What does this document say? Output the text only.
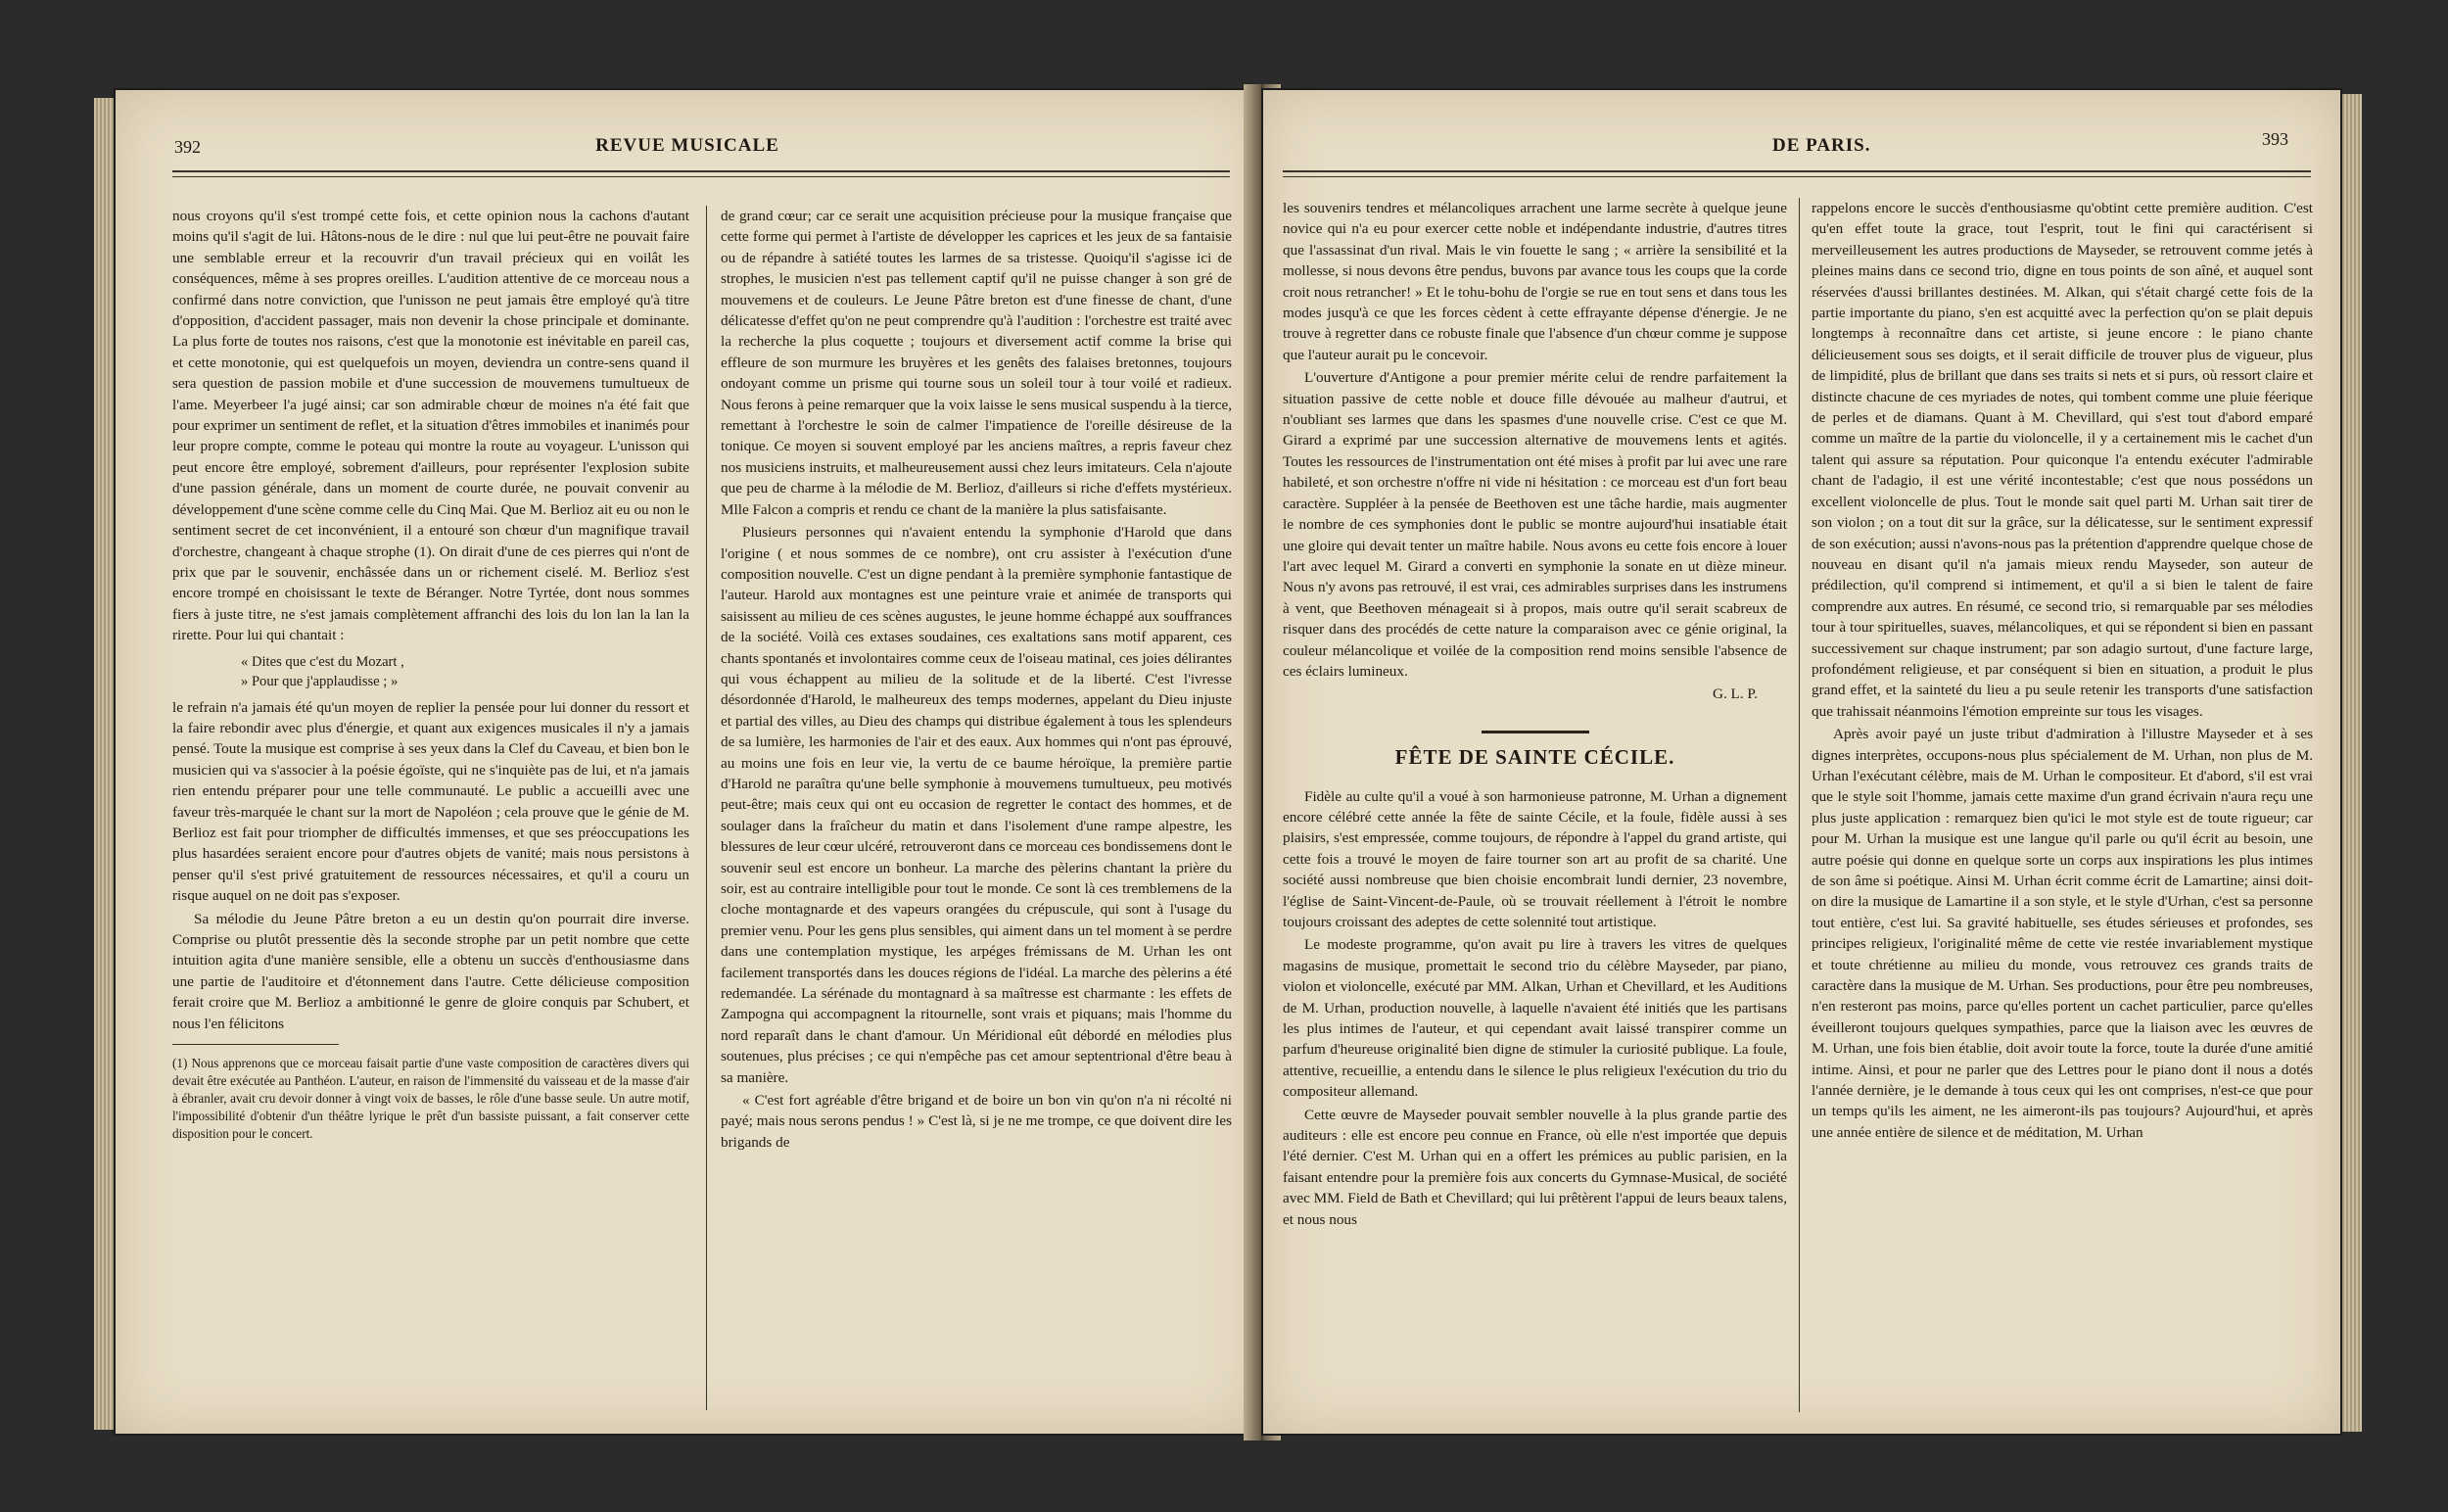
392	REVUE MUSICALE

nous croyons qu'il s'est trompé cette fois, et cette opinion nous la cachons d'autant moins qu'il s'agit de lui. Hâtons-nous de le dire : nul que lui peut-être ne pouvait faire une semblable erreur et la recouvrir d'un travail précieux qui en voilât les conséquences, même à ses propres oreilles. L'audition attentive de ce morceau nous a confirmé dans notre conviction, que l'unisson ne peut jamais être employé qu'à titre d'opposition, d'accident passager, mais non devenir la chose principale et dominante. La plus forte de toutes nos raisons, c'est que la monotonie est inévitable en pareil cas, et cette monotonie, qui est quelquefois un moyen, deviendra un contre-sens quand il sera question de passion mobile et d'une succession de mouvemens tumultueux de l'ame. Meyerbeer l'a jugé ainsi; car son admirable chœur de moines n'a été fait que pour exprimer un sentiment de reflet, et la situation d'êtres immobiles et inanimés pour leur propre compte, comme le poteau qui montre la route au voyageur. L'unisson qui peut encore être employé, sobrement d'ailleurs, pour représenter l'explosion subite d'une passion générale, dans un moment de courte durée, ne pouvait convenir au développement d'une scène comme celle du Cinq Mai. Que M. Berlioz ait eu ou non le sentiment secret de cet inconvénient, il a entouré son chœur d'un magnifique travail d'orchestre, changeant à chaque strophe (1). On dirait d'une de ces pierres qui n'ont de prix que par le souvenir, enchâssée dans un or richement ciselé. M. Berlioz s'est encore trompé en choisissant le texte de Béranger. Notre Tyrtée, dont nous sommes fiers à juste titre, ne s'est jamais complètement affranchi des lois du lon lan la lan la rirette. Pour lui qui chantait :

« Dites que c'est du Mozart ,
» Pour que j'applaudisse ; »

le refrain n'a jamais été qu'un moyen de replier la pensée pour lui donner du ressort et la faire rebondir avec plus d'énergie, et quant aux exigences musicales il n'y a jamais pensé. Toute la musique est comprise à ses yeux dans la Clef du Caveau, et bien bon le musicien qui va s'associer à la poésie égoïste, qui ne s'inquiète pas de lui, et n'a jamais rien entendu préparer pour une telle communauté. Le public a accueilli avec une faveur très-marquée le chant sur la mort de Napoléon ; cela prouve que le génie de M. Berlioz est fait pour triompher de difficultés immenses, et que ses préoccupations les plus hasardées seraient encore pour d'autres objets de vanité; mais nous persistons à penser qu'il s'est privé gratuitement de ressources nécessaires, et qu'il a couru un risque auquel on ne doit pas s'exposer.

Sa mélodie du Jeune Pâtre breton a eu un destin qu'on pourrait dire inverse. Comprise ou plutôt pressentie dès la seconde strophe par un petit nombre que cette intuition agita d'une manière sensible, elle a obtenu un succès d'enthousiasme dans une partie de l'auditoire et d'étonnement dans l'autre. Cette délicieuse composition ferait croire que M. Berlioz a ambitionné le genre de gloire conquis par Schubert, et nous l'en félicitons

(1) Nous apprenons que ce morceau faisait partie d'une vaste composition de caractères divers qui devait être exécutée au Panthéon. L'auteur, en raison de l'immensité du vaisseau et de la masse d'air à ébranler, avait cru devoir donner à vingt voix de basses, le rôle d'une basse seule. Un autre motif, l'impossibilité d'obtenir d'un théâtre lyrique le prêt d'un bassiste puissant, a fait conserver cette disposition pour le concert.

de grand cœur; car ce serait une acquisition précieuse pour la musique française que cette forme qui permet à l'artiste de développer les caprices et les jeux de sa fantaisie ou de répandre à satiété toutes les larmes de sa tristesse. Quoiqu'il s'agisse ici de strophes, le musicien n'est pas tellement captif qu'il ne puisse changer à son gré de mouvemens et de couleurs. Le Jeune Pâtre breton est d'une finesse de chant, d'une délicatesse d'effet qu'on ne peut comprendre qu'à l'audition : l'orchestre est traité avec la recherche la plus coquette ; toujours et diversement actif comme la brise qui effleure de son murmure les bruyères et les genêts des falaises bretonnes, toujours ondoyant comme un prisme qui tourne sous un soleil tour à tour voilé et radieux. Nous ferons à peine remarquer que la voix laisse le sens musical suspendu à la tierce, remettant à l'orchestre le soin de calmer l'impatience de l'oreille désireuse de la tonique. Ce moyen si souvent employé par les anciens maîtres, a repris faveur chez nos musiciens instruits, et malheureusement aussi chez leurs imitateurs. Cela n'ajoute que peu de charme à la mélodie de M. Berlioz, d'ailleurs si riche d'effets mystérieux. Mlle Falcon a compris et rendu ce chant de la manière la plus satisfaisante.

Plusieurs personnes qui n'avaient entendu la symphonie d'Harold que dans l'origine ( et nous sommes de ce nombre), ont cru assister à l'exécution d'une composition nouvelle. C'est un digne pendant à la première symphonie fantastique de l'auteur. Harold aux montagnes est une peinture vraie et animée de transports qui saisissent au milieu de ces scènes augustes, le jeune homme échappé aux souffrances de la société. Voilà ces extases soudaines, ces exaltations sans motif apparent, ces chants spontanés et involontaires comme ceux de l'oiseau matinal, ces joies délirantes qui vous échappent au milieu de la solitude et de la liberté. C'est l'ivresse désordonnée d'Harold, le malheureux des temps modernes, appelant du Dieu injuste et partial des villes, au Dieu des champs qui distribue également à tous les splendeurs de sa lumière, les harmonies de l'air et des eaux. Aux hommes qui n'ont pas éprouvé, au moins une fois en leur vie, la vertu de ce baume héroïque, la première partie d'Harold ne paraîtra qu'une belle symphonie à mouvemens tumultueux, peu motivés peut-être; mais ceux qui ont eu occasion de regretter le contact des hommes, et de soulager dans la fraîcheur du matin et dans l'isolement d'une rampe alpestre, les blessures de leur cœur ulcéré, retrouveront dans ce morceau ces bondissemens dont le souvenir seul est encore un bonheur. La marche des pèlerins chantant la prière du soir, est au contraire intelligible pour tout le monde. Ce sont là ces tremblemens de la cloche montagnarde et des vapeurs orangées du crépuscule, qui sont à l'usage du premier venu. Pour les gens plus sensibles, qui aiment dans un tel moment à se perdre dans une contemplation mystique, les arpéges frémissans de M. Urhan les ont facilement transportés dans les douces régions de l'idéal. La marche des pèlerins a été redemandée. La sérénade du montagnard à sa maîtresse est charmante : les effets de Zampogna qui accompagnent la ritournelle, sont vrais et piquans; mais l'homme du nord reparaît dans le chant d'amour. Un Méridional eût débordé en mélodies plus soutenues, plus précises ; ce qui n'empêche pas cet amour septentrional d'être beau à sa manière.

« C'est fort agréable d'être brigand et de boire un bon vin qu'on n'a ni récolté ni payé; mais nous serons pendus ! » C'est là, si je ne me trompe, ce que doivent dire les brigands de

DE PARIS.	393

les souvenirs tendres et mélancoliques arrachent une larme secrète à quelque jeune novice qui n'a eu pour exercer cette noble et indépendante industrie, d'autres titres que l'assassinat d'un rival. Mais le vin fouette le sang ; « arrière la sensibilité et la mollesse, si nous devons être pendus, buvons par avance tous les coups que la corde croit nous retrancher! » Et le tohu-bohu de l'orgie se rue en tout sens et dans tous les modes jusqu'à ce que les forces cèdent à cette effrayante dépense d'énergie. Je ne trouve à regretter dans ce robuste finale que l'absence d'un chœur comme je suppose que l'auteur aurait pu le concevoir.

L'ouverture d'Antigone a pour premier mérite celui de rendre parfaitement la situation passive de cette noble et douce fille dévouée au malheur d'autrui, et n'oubliant ses larmes que dans les spasmes d'une nouvelle crise. C'est ce que M. Girard a exprimé par une succession alternative de mouvemens lents et agités. Toutes les ressources de l'instrumentation ont été mises à profit par lui avec une rare habileté, et son orchestre n'offre ni vide ni hésitation : ce morceau est d'un fort beau caractère. Suppléer à la pensée de Beethoven est une tâche hardie, mais augmenter le nombre de ces symphonies dont le public se montre aujourd'hui insatiable était une gloire qui devait tenter un maître habile. Nous avons eu cette fois encore à louer l'art avec lequel M. Girard a converti en symphonie la sonate en ut dièze mineur. Nous n'y avons pas retrouvé, il est vrai, ces admirables surprises dans les instrumens à vent, que Beethoven ménageait si à propos, mais outre qu'il serait scabreux de risquer dans des procédés de cette nature la comparaison avec ce génie original, la couleur mélancolique et voilée de la composition rend moins sensible l'absence de ces éclairs lumineux.

G. L. P.
FÊTE DE SAINTE CÉCILE.

Fidèle au culte qu'il a voué à son harmonieuse patronne, M. Urhan a dignement encore célébré cette année la fête de sainte Cécile, et la foule, fidèle aussi à ses plaisirs, s'est empressée, comme toujours, de répondre à l'appel du grand artiste, qui cette fois a trouvé le moyen de faire tourner son art au profit de sa charité. Une société aussi nombreuse que bien choisie encombrait lundi dernier, 23 novembre, l'église de Saint-Vincent-de-Paule, où se trouvait réellement à l'étroit le nombre toujours croissant des adeptes de cette solennité tout artistique.

Le modeste programme, qu'on avait pu lire à travers les vitres de quelques magasins de musique, promettait le second trio du célèbre Mayseder, par piano, violon et violoncelle, exécuté par MM. Alkan, Urhan et Chevillard, et les Auditions de M. Urhan, production nouvelle, à laquelle n'avaient été initiés que les partisans les plus intimes de l'auteur, et qui cependant avait laissé transpirer comme un parfum d'heureuse originalité bien digne de stimuler la curiosité publique. La foule, attentive, recueillie, a entendu dans le silence le plus religieux l'exécution du trio du compositeur allemand.

Cette œuvre de Mayseder pouvait sembler nouvelle à la plus grande partie des auditeurs : elle est encore peu connue en France, où elle n'est importée que depuis l'été dernier. C'est M. Urhan qui en a offert les prémices au public parisien, en la faisant entendre pour la première fois aux concerts du Gymnase-Musical, de société avec MM. Field de Bath et Chevillard; qui lui prêtèrent l'appui de leurs beaux talens, et nous nous

rappelons encore le succès d'enthousiasme qu'obtint cette première audition. C'est qu'en effet toute la grace, tout l'esprit, tout le fini qui caractérisent si merveilleusement les autres productions de Mayseder, se retrouvent comme jetés à pleines mains dans ce second trio, digne en tous points de son aîné, et auquel sont réservées d'aussi brillantes destinées. M. Alkan, qui s'était chargé cette fois de la partie importante du piano, s'en est acquitté avec la perfection qu'on se plait depuis longtemps à reconnaître dans cet artiste, si jeune encore : le piano chante délicieusement sous ses doigts, et il serait difficile de trouver plus de vigueur, plus de limpidité, plus de brillant que dans ses traits si nets et si purs, où ressort claire et distincte chacune de ces myriades de notes, qui tombent comme une pluie féerique de perles et de diamans. Quant à M. Chevillard, qui s'est tout d'abord emparé comme un maître de la partie du violoncelle, il y a certainement mis le cachet d'un talent qui assure sa réputation. Pour quiconque l'a entendu exécuter l'admirable chant de l'adagio, il est une vérité incontestable; c'est que nous possédons un excellent violoncelle de plus. Tout le monde sait quel parti M. Urhan sait tirer de son violon ; on a tout dit sur la grâce, sur la délicatesse, sur le sentiment expressif de son exécution; aussi n'avons-nous pas la prétention d'apprendre quelque chose de nouveau en disant qu'il n'a jamais mieux rendu Mayseder, son auteur de prédilection, qu'il comprend si intimement, et qu'il a si bien le talent de faire comprendre aux autres. En résumé, ce second trio, si remarquable par ses mélodies tour à tour spirituelles, suaves, mélancoliques, et qui se répondent si bien en passant successivement sur chaque instrument; par son adagio surtout, d'une facture large, profondément religieuse, et par conséquent si bien en situation, a produit le plus grand effet, et la sainteté du lieu a pu seule retenir les transports d'une satisfaction que trahissait néanmoins l'émotion empreinte sur tous les visages.

Après avoir payé un juste tribut d'admiration à l'illustre Mayseder et à ses dignes interprètes, occupons-nous plus spécialement de M. Urhan, non plus de M. Urhan l'exécutant célèbre, mais de M. Urhan le compositeur. Et d'abord, s'il est vrai que le style soit l'homme, jamais cette maxime d'un grand écrivain n'aura reçu une plus juste application : remarquez bien qu'ici le mot style est de toute rigueur; car pour M. Urhan la musique est une langue qu'il parle ou qu'il écrit au besoin, une autre poésie qui donne en quelque sorte un corps aux inspirations les plus intimes de son âme si poétique. Ainsi M. Urhan écrit comme écrit de Lamartine; ainsi doit-on dire la musique de Lamartine il a son style, et le style d'Urhan, c'est sa personne tout entière, c'est lui. Sa gravité habituelle, ses études sérieuses et profondes, ses principes religieux, l'originalité même de cette vie restée invariablement mystique et toute chrétienne au milieu du monde, vous retrouvez ces grands traits de caractère dans la musique de M. Urhan. Ses productions, pour être peu nombreuses, n'en resteront pas moins, parce qu'elles portent un cachet particulier, parce qu'elles éveilleront toujours quelques sympathies, parce que la liaison avec les œuvres de M. Urhan, une fois bien établie, doit avoir toute la force, toute la durée d'une amitié intime. Ainsi, et pour ne parler que des Lettres pour le piano dont il nous a dotés l'année dernière, je le demande à tous ceux qui les ont comprises, n'est-ce que pour un temps qu'ils les aiment, ne les aimeront-ils pas toujours? Aujourd'hui, et après une année entière de silence et de méditation, M. Urhan
